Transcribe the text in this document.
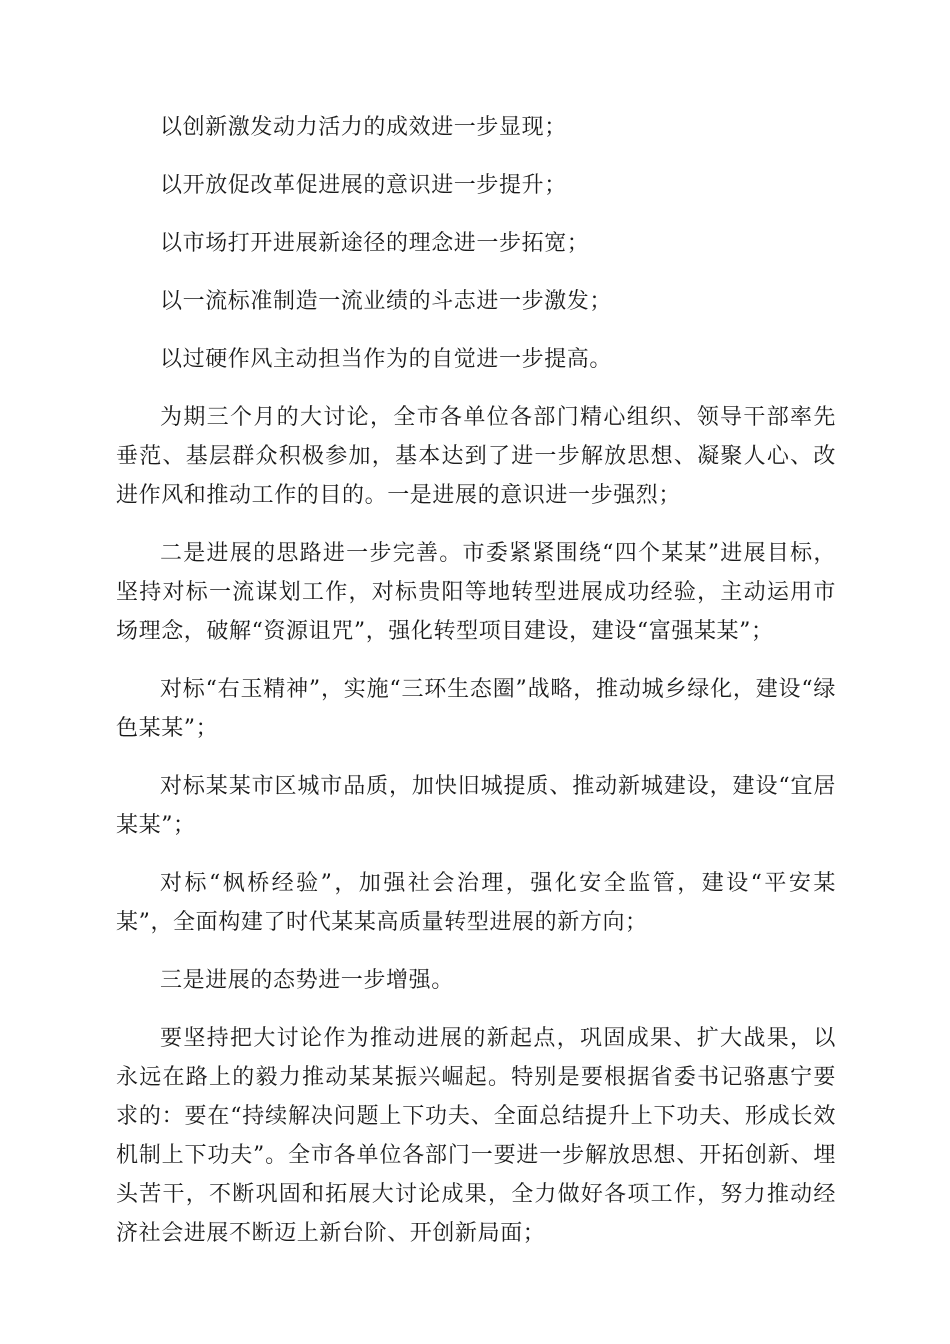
以创新激发动力活力的成效进一步显现；

以开放促改革促进展的意识进一步提升；

以市场打开进展新途径的理念进一步拓宽；

以一流标准制造一流业绩的斗志进一步激发；

以过硬作风主动担当作为的自觉进一步提高。

为期三个月的大讨论，全市各单位各部门精心组织、领导干部率先垂范、基层群众积极参加，基本达到了进一步解放思想、凝聚人心、改进作风和推动工作的目的。一是进展的意识进一步强烈；

二是进展的思路进一步完善。市委紧紧围绕“四个某某”进展目标，坚持对标一流谋划工作，对标贵阳等地转型进展成功经验，主动运用市场理念，破解“资源诅咒”，强化转型项目建设，建设“富强某某”；

对标“右玉精神”，实施“三环生态圈”战略，推动城乡绿化，建设“绿色某某”；

对标某某市区城市品质，加快旧城提质、推动新城建设，建设“宜居某某”；

对标“枫桥经验”，加强社会治理，强化安全监管，建设“平安某某”，全面构建了时代某某高质量转型进展的新方向；

三是进展的态势进一步增强。

要坚持把大讨论作为推动进展的新起点，巩固成果、扩大战果，以永远在路上的毅力推动某某振兴崛起。特别是要根据省委书记骆惠宁要求的：要在“持续解决问题上下功夫、全面总结提升上下功夫、形成长效机制上下功夫”。全市各单位各部门一要进一步解放思想、开拓创新、埋头苦干，不断巩固和拓展大讨论成果，全力做好各项工作，努力推动经济社会进展不断迈上新台阶、开创新局面；
